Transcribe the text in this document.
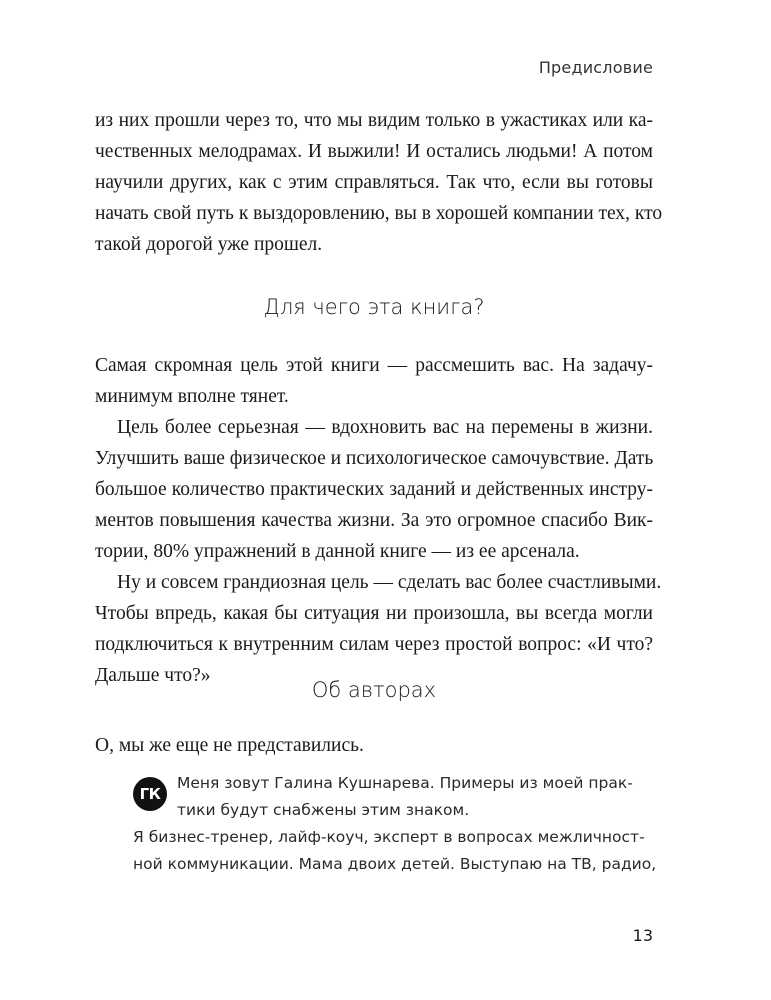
Предисловие
из них прошли через то, что мы видим только в ужастиках или ка-
чественных мелодрамах. И выжили! И остались людьми! А потом
научили других, как с этим справляться. Так что, если вы готовы
начать свой путь к выздоровлению, вы в хорошей компании тех, кто
такой дорогой уже прошел.
Для чего эта книга?
Самая скромная цель этой книги — рассмешить вас. На задачу-
минимум вполне тянет.
Цель более серьезная — вдохновить вас на перемены в жизни.
Улучшить ваше физическое и психологическое самочувствие. Дать
большое количество практических заданий и действенных инстру-
ментов повышения качества жизни. За это огромное спасибо Вик-
тории, 80% упражнений в данной книге — из ее арсенала.
Ну и совсем грандиозная цель — сделать вас более счастливыми.
Чтобы впредь, какая бы ситуация ни произошла, вы всегда могли
подключиться к внутренним силам через простой вопрос: «И что?
Дальше что?»
Об авторах
О, мы же еще не представились.
ГК
Меня зовут Галина Кушнарева. Примеры из моей прак-
тики будут снабжены этим знаком.
Я бизнес-тренер, лайф-коуч, эксперт в вопросах межличност-
ной коммуникации. Мама двоих детей. Выступаю на ТВ, радио,
13
